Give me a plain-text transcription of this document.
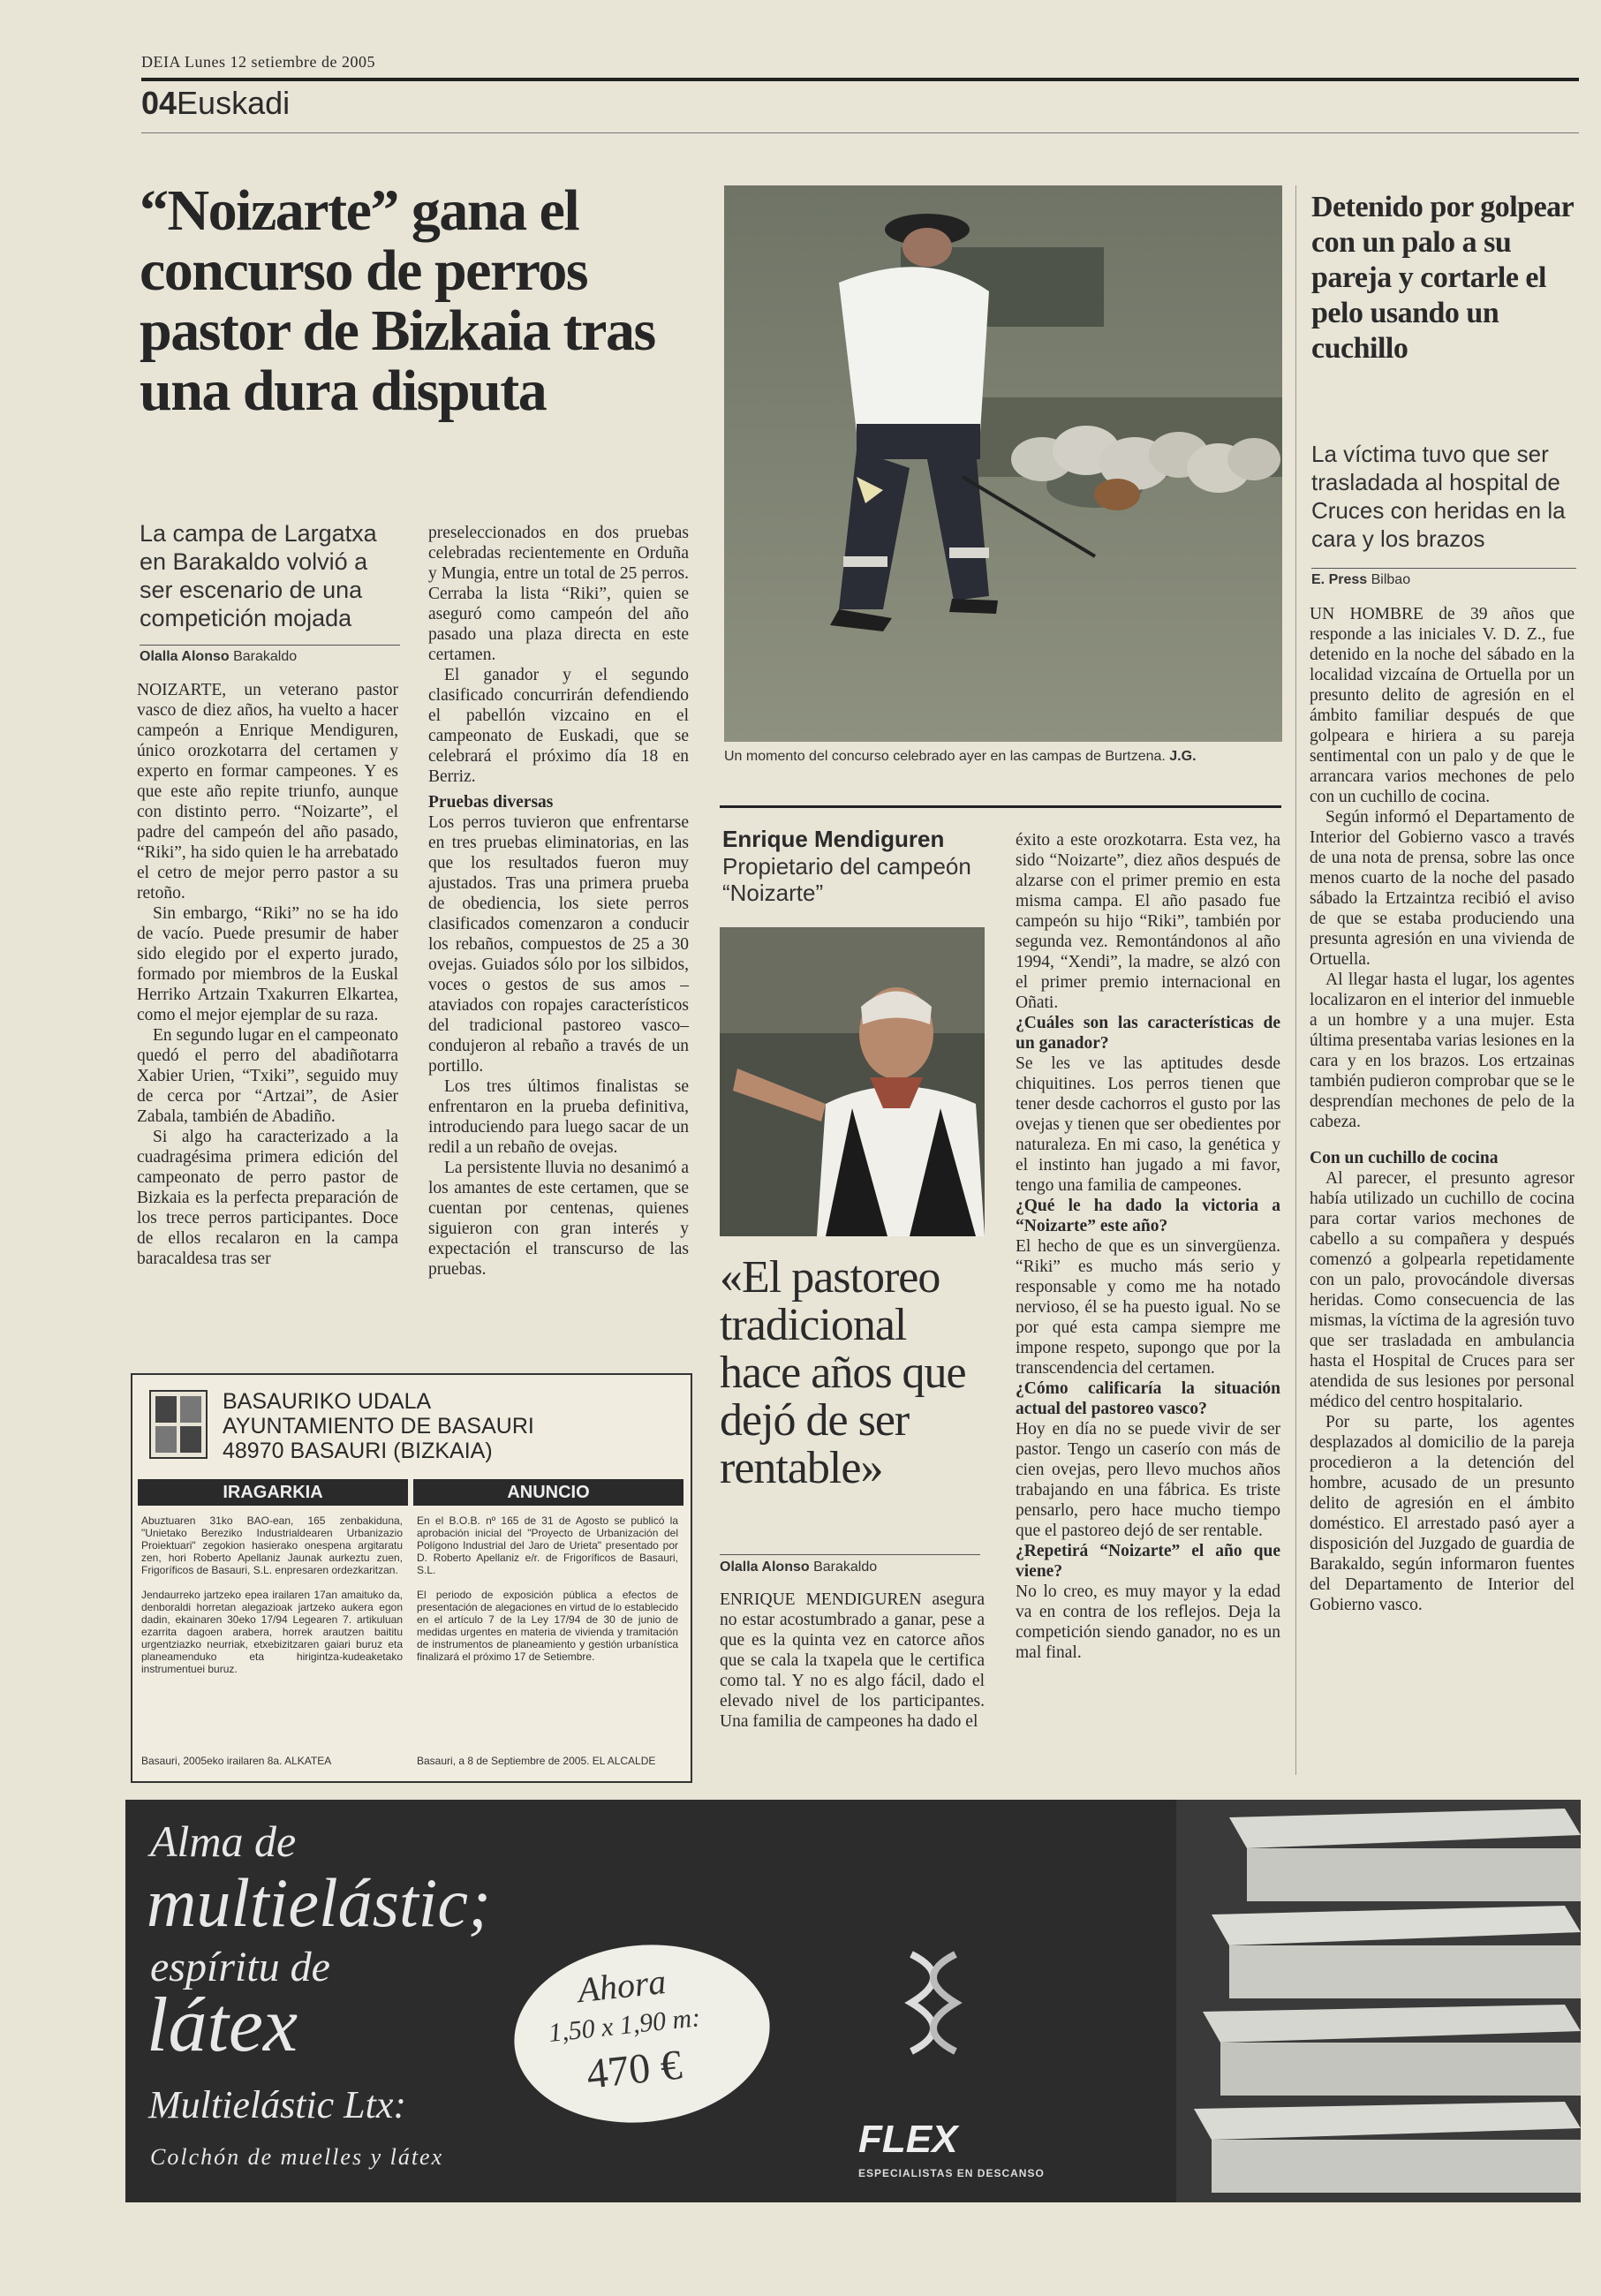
DEIA Lunes 12 setiembre de 2005
04Euskadi
“Noizarte” gana el concurso de perros pastor de Bizkaia tras una dura disputa
La campa de Largatxa en Barakaldo volvió a ser escenario de una competición mojada
Olalla Alonso Barakaldo

NOIZARTE, un veterano pastor vasco de diez años, ha vuelto a hacer campeón a Enrique Mendiguren, único orozkotarra del certamen y experto en formar campeones. Y es que este año repite triunfo, aunque con distinto perro. “Noizarte”, el padre del campeón del año pasado, “Riki”, ha sido quien le ha arrebatado el cetro de mejor perro pastor a su retoño.

Sin embargo, “Riki” no se ha ido de vacío. Puede presumir de haber sido elegido por el experto jurado, formado por miembros de la Euskal Herriko Artzain Txakurren Elkartea, como el mejor ejemplar de su raza.

En segundo lugar en el campeonato quedó el perro del abadiñotarra Xabier Urien, “Txiki”, seguido muy de cerca por “Artzai”, de Asier Zabala, también de Abadiño.

Si algo ha caracterizado a la cuadragésima primera edición del campeonato de perro pastor de Bizkaia es la perfecta preparación de los trece perros participantes. Doce de ellos recalaron en la campa baracaldesa tras ser

preseleccionados en dos pruebas celebradas recientemente en Orduña y Mungia, entre un total de 25 perros. Cerraba la lista “Riki”, quien se aseguró como campeón del año pasado una plaza directa en este certamen.

El ganador y el segundo clasificado concurrirán defendiendo el pabellón vizcaino en el campeonato de Euskadi, que se celebrará el próximo día 18 en Berriz.

Pruebas diversas

Los perros tuvieron que enfrentarse en tres pruebas eliminatorias, en las que los resultados fueron muy ajustados. Tras una primera prueba de obediencia, los siete perros clasificados comenzaron a conducir los rebaños, compuestos de 25 a 30 ovejas. Guiados sólo por los silbidos, voces o gestos de sus amos –ataviados con ropajes característicos del tradicional pastoreo vasco– condujeron al rebaño a través de un portillo.

Los tres últimos finalistas se enfrentaron en la prueba definitiva, introduciendo para luego sacar de un redil a un rebaño de ovejas.

La persistente lluvia no desanimó a los amantes de este certamen, que se cuentan por centenas, quienes siguieron con gran interés y expectación el transcurso de las pruebas.

Un momento del concurso celebrado ayer en las campas de Burtzena. J.G.
Enrique Mendiguren
Propietario del campeón “Noizarte”
«El pastoreo tradicional hace años que dejó de ser rentable»
Olalla Alonso Barakaldo

ENRIQUE MENDIGUREN asegura no estar acostumbrado a ganar, pese a que es la quinta vez en catorce años que se cala la txapela que le certifica como tal. Y no es algo fácil, dado el elevado nivel de los participantes. Una familia de campeones ha dado el

éxito a este orozkotarra. Esta vez, ha sido “Noizarte”, diez años después de alzarse con el primer premio en esta misma campa. El año pasado fue campeón su hijo “Riki”, también por segunda vez. Remontándonos al año 1994, “Xendi”, la madre, se alzó con el primer premio internacional en Oñati.

¿Cuáles son las características de un ganador?

Se les ve las aptitudes desde chiquitines. Los perros tienen que tener desde cachorros el gusto por las ovejas y tienen que ser obedientes por naturaleza. En mi caso, la genética y el instinto han jugado a mi favor, tengo una familia de campeones.

¿Qué le ha dado la victoria a “Noizarte” este año?

El hecho de que es un sinvergüenza. “Riki” es mucho más serio y responsable y como me ha notado nervioso, él se ha puesto igual. No se por qué esta campa siempre me impone respeto, supongo que por la transcendencia del certamen.

¿Cómo calificaría la situación actual del pastoreo vasco?

Hoy en día no se puede vivir de ser pastor. Tengo un caserío con más de cien ovejas, pero llevo muchos años trabajando en una fábrica. Es triste pensarlo, pero hace mucho tiempo que el pastoreo dejó de ser rentable.

¿Repetirá “Noizarte” el año que viene?

No lo creo, es muy mayor y la edad va en contra de los reflejos. Deja la competición siendo ganador, no es un mal final.

Detenido por golpear con un palo a su pareja y cortarle el pelo usando un cuchillo
La víctima tuvo que ser trasladada al hospital de Cruces con heridas en la cara y los brazos
E. Press Bilbao

UN HOMBRE de 39 años que responde a las iniciales V. D. Z., fue detenido en la noche del sábado en la localidad vizcaína de Ortuella por un presunto delito de agresión en el ámbito familiar después de que golpeara e hiriera a su pareja sentimental con un palo y de que le arrancara varios mechones de pelo con un cuchillo de cocina.

Según informó el Departamento de Interior del Gobierno vasco a través de una nota de prensa, sobre las once menos cuarto de la noche del pasado sábado la Ertzaintza recibió el aviso de que se estaba produciendo una presunta agresión en una vivienda de Ortuella.

Al llegar hasta el lugar, los agentes localizaron en el interior del inmueble a un hombre y a una mujer. Esta última presentaba varias lesiones en la cara y en los brazos. Los ertzainas también pudieron comprobar que se le desprendían mechones de pelo de la cabeza.

Con un cuchillo de cocina

Al parecer, el presunto agresor había utilizado un cuchillo de cocina para cortar varios mechones de cabello a su compañera y después comenzó a golpearla repetidamente con un palo, provocándole diversas heridas. Como consecuencia de las mismas, la víctima de la agresión tuvo que ser trasladada en ambulancia hasta el Hospital de Cruces para ser atendida de sus lesiones por personal médico del centro hospitalario.

Por su parte, los agentes desplazados al domicilio de la pareja procedieron a la detención del hombre, acusado de un presunto delito de agresión en el ámbito doméstico. El arrestado pasó ayer a disposición del Juzgado de guardia de Barakaldo, según informaron fuentes del Departamento de Interior del Gobierno vasco.

BASAURIKO UDALA
AYUNTAMIENTO DE BASAURI
48970 BASAURI (BIZKAIA)
IRAGARKIA	ANUNCIO
Abuztuaren 31ko BAO-ean, 165 zenbakiduna, "Unietako Bereziko Industrialdearen Urbanizazio Proiektuari" zegokion hasierako onespena argitaratu zen, hori Roberto Apellaniz Jaunak aurkeztu zuen, Frigoríficos de Basauri, S.L. enpresaren ordezkaritzan.
Jendaurreko jartzeko epea irailaren 17an amaituko da, denboraldi horretan alegazioak jartzeko aukera egon dadin, ekainaren 30eko 17/94 Legearen 7. artikuluan ezarrita dagoen arabera, horrek arautzen baititu urgentziazko neurriak, etxebizitzaren gaiari buruz eta planeamenduko eta hirigintza-kudeaketako instrumentuei buruz.
Basauri, 2005eko irailaren 8a. ALKATEA
En el B.O.B. nº 165 de 31 de Agosto se publicó la aprobación inicial del "Proyecto de Urbanización del Polígono Industrial del Jaro de Urieta" presentado por D. Roberto Apellaniz e/r. de Frigoríficos de Basauri, S.L.
El periodo de exposición pública a efectos de presentación de alegaciones en virtud de lo establecido en el artículo 7 de la Ley 17/94 de 30 de junio de medidas urgentes en materia de vivienda y tramitación de instrumentos de planeamiento y gestión urbanística finalizará el próximo 17 de Setiembre.
Basauri, a 8 de Septiembre de 2005. EL ALCALDE
Alma de
multielástic;
espíritu de
látex
Multielástic Ltx:
Colchón de muelles y látex
Ahora
1,50 x 1,90 m:
470 €
FLEX
ESPECIALISTAS EN DESCANSO
